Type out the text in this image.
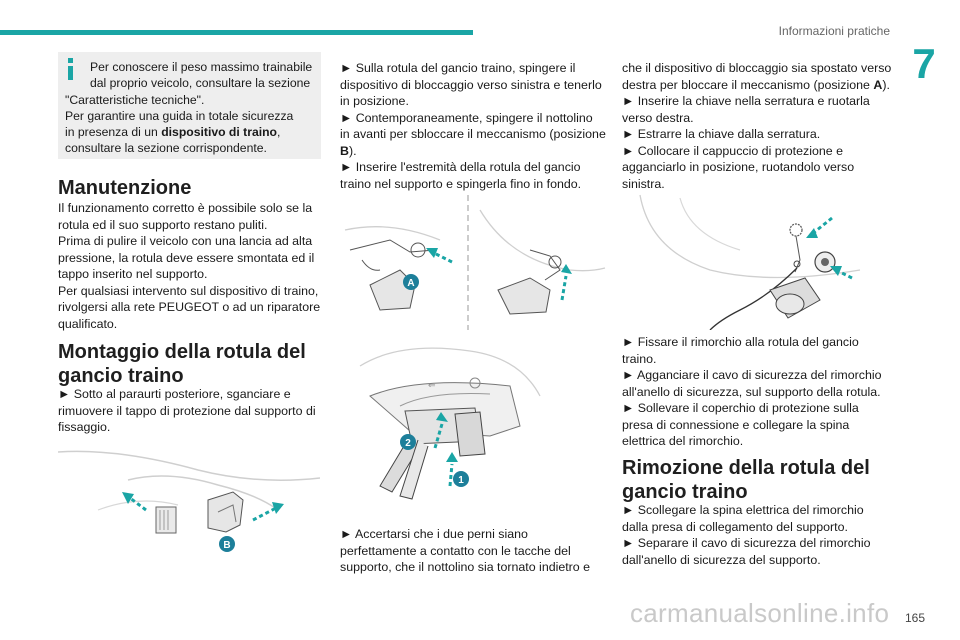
Informazioni pratiche
7
Per conoscere il peso massimo trainabile
dal proprio veicolo, consultare la sezione
"Caratteristiche tecniche".
Per garantire una guida in totale sicurezza
in presenza di un dispositivo di traino,
consultare la sezione corrispondente.
Manutenzione

Il funzionamento corretto è possibile solo se la

rotula ed il suo supporto restano puliti.

Prima di pulire il veicolo con una lancia ad alta

pressione, la rotula deve essere smontata ed il

tappo inserito nel supporto.

Per qualsiasi intervento sul dispositivo di traino,

rivolgersi alla rete PEUGEOT o ad un riparatore

qualificato.

Montaggio della rotula del
gancio traino

► Sotto al paraurti posteriore, sganciare e

rimuovere il tappo di protezione dal supporto di

fissaggio.

B

► Sulla rotula del gancio traino, spingere il

dispositivo di bloccaggio verso sinistra e tenerlo

in posizione.

► Contemporaneamente, spingere il nottolino

in avanti per sbloccare il meccanismo (posizione

B).

► Inserire l'estremità della rotula del gancio

traino nel supporto e spingerla fino in fondo.

A
⇐
2
1

► Accertarsi che i due perni siano

perfettamente a contatto con le tacche del

supporto, che il nottolino sia tornato indietro e

che il dispositivo di bloccaggio sia spostato verso

destra per bloccare il meccanismo (posizione A).

► Inserire la chiave nella serratura e ruotarla

verso destra.

► Estrarre la chiave dalla serratura.

► Collocare il cappuccio di protezione e

agganciarlo in posizione, ruotandolo verso

sinistra.

► Fissare il rimorchio alla rotula del gancio

traino.

► Agganciare il cavo di sicurezza del rimorchio

all'anello di sicurezza, sul supporto della rotula.

► Sollevare il coperchio di protezione sulla

presa di connessione e collegare la spina

elettrica del rimorchio.

Rimozione della rotula del
gancio traino

► Scollegare la spina elettrica del rimorchio

dalla presa di collegamento del supporto.

► Separare il cavo di sicurezza del rimorchio

dall'anello di sicurezza del supporto.

carmanualsonline.info 165
